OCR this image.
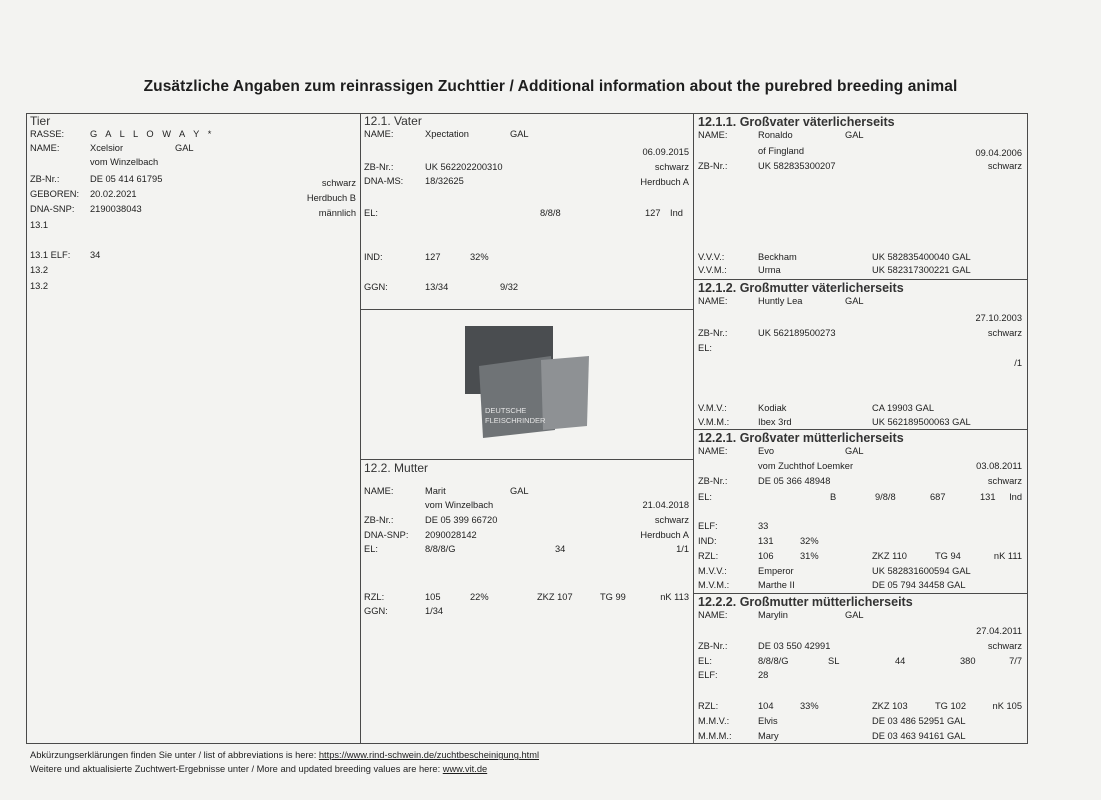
Zusätzliche Angaben zum reinrassigen Zuchttier / Additional information about the purebred breeding animal
Tier
RASSE:	G A L L O W A Y *
NAME:	Xcelsior	GAL
vom Winzelbach
ZB-Nr.:	DE 05 414 61795	schwarz
GEBOREN: 20.02.2021	Herdbuch B
DNA-SNP: 2190038043	männlich
13.1
13.1 ELF: 34
13.2
13.2
12.1. Vater
NAME:	Xpectation	GAL
06.09.2015
ZB-Nr.:	UK 562202200310	schwarz
DNA-MS: 18/32625	Herdbuch A
EL:	8/8/8	127 Ind
IND:	127	32%
GGN:	13/34	9/32
DEUTSCHE
FLEISCHRINDER
12.2. Mutter
NAME:	Marit	GAL
vom Winzelbach	21.04.2018
ZB-Nr.:	DE 05 399 66720	schwarz
DNA-SNP: 2090028142	Herdbuch A
EL:	8/8/8/G	34	1/1
RZL:	105	22%	ZKZ 107	TG 99	nK 113
GGN:	1/34
12.1.1. Großvater väterlicherseits
NAME:	Ronaldo	GAL
of Fingland	09.04.2006
ZB-Nr.:	UK 582835300207	schwarz
V.V.V.:	Beckham	UK 582835400040 GAL
V.V.M.:	Urma	UK 582317300221 GAL
12.1.2. Großmutter väterlicherseits
NAME:	Huntly Lea	GAL
27.10.2003
ZB-Nr.:	UK 562189500273	schwarz
EL:
/1
V.M.V.:	Kodiak	CA 19903 GAL
V.M.M.:	Ibex 3rd	UK 562189500063 GAL
12.2.1. Großvater mütterlicherseits
NAME:	Evo	GAL
vom Zuchthof Loemker	03.08.2011
ZB-Nr.:	DE 05 366 48948	schwarz
EL:	B	9/8/8	687	131 Ind
ELF:	33
IND:	131	32%
RZL:	106	31%	ZKZ 110	TG 94	nK 111
M.V.V.:	Emperor	UK 582831600594 GAL
M.V.M.:	Marthe II	DE 05 794 34458 GAL
12.2.2. Großmutter mütterlicherseits
NAME:	Marylin	GAL
27.04.2011
ZB-Nr.:	DE 03 550 42991	schwarz
EL:	8/8/8/G	SL	44	380	7/7
ELF:	28
RZL:	104	33%	ZKZ 103	TG 102	nK 105
M.M.V.:	Elvis	DE 03 486 52951 GAL
M.M.M.:	Mary	DE 03 463 94161 GAL
Abkürzungserklärungen finden Sie unter / list of abbreviations is here: https://www.rind-schwein.de/zuchtbescheinigung.html
Weitere und aktualisierte Zuchtwert-Ergebnisse unter / More and updated breeding values are here: www.vit.de
